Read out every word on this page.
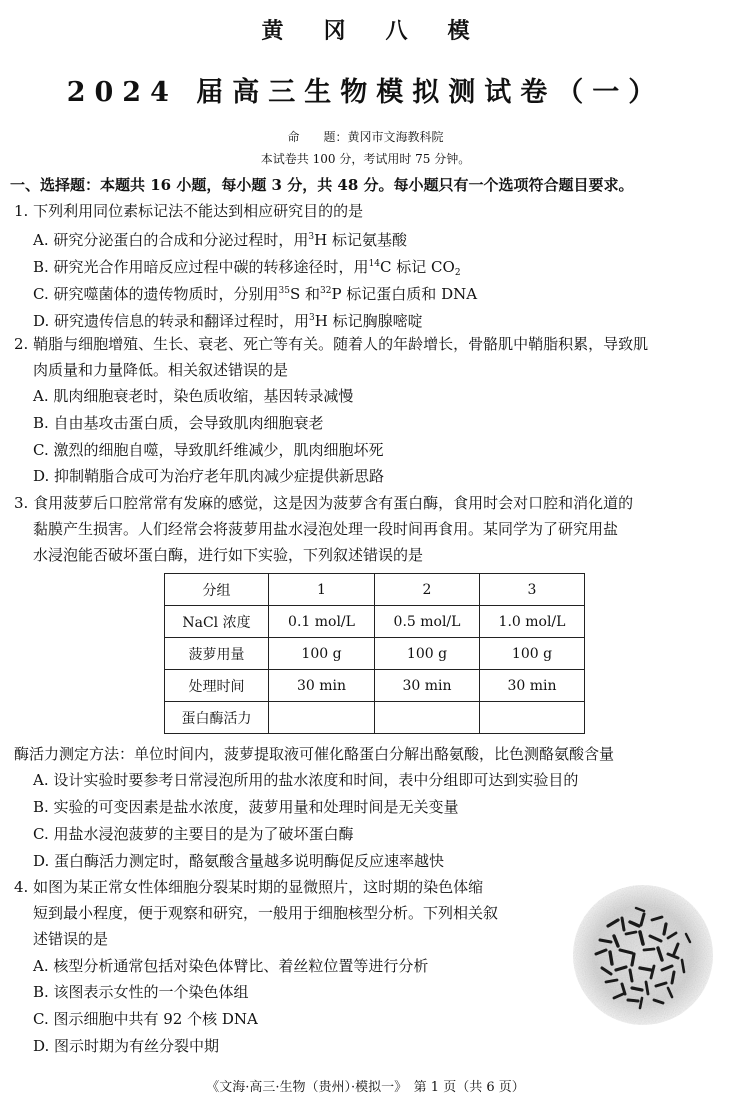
黄冈八模
2024 届高三生物模拟测试卷（一）
命　　题：黄冈市文海教科院
本试卷共 100 分，考试用时 75 分钟。
一、选择题：本题共 16 小题，每小题 3 分，共 48 分。每小题只有一个选项符合题目要求。
1. 下列利用同位素标记法不能达到相应研究目的的是
A. 研究分泌蛋白的合成和分泌过程时，用$^3$H 标记氨基酸
B. 研究光合作用暗反应过程中碳的转移途径时，用$^{14}$C 标记 $CO_2$
C. 研究噬菌体的遗传物质时，分别用$^{35}$S 和$^{32}$P 标记蛋白质和 DNA
D. 研究遗传信息的转录和翻译过程时，用$^3$H 标记胸腺嘧啶
2. 鞘脂与细胞增殖、生长、衰老、死亡等有关。随着人的年龄增长，骨骼肌中鞘脂积累，导致肌
肉质量和力量降低。相关叙述错误的是
A. 肌肉细胞衰老时，染色质收缩，基因转录减慢
B. 自由基攻击蛋白质，会导致肌肉细胞衰老
C. 激烈的细胞自噬，导致肌纤维减少，肌肉细胞坏死
D. 抑制鞘脂合成可为治疗老年肌肉减少症提供新思路
3. 食用菠萝后口腔常常有发麻的感觉，这是因为菠萝含有蛋白酶，食用时会对口腔和消化道的
黏膜产生损害。人们经常会将菠萝用盐水浸泡处理一段时间再食用。某同学为了研究用盐
水浸泡能否破坏蛋白酶，进行如下实验，下列叙述错误的是
分组	1	2	3
NaCl 浓度	0.1 mol/L	0.5 mol/L	1.0 mol/L
菠萝用量	100 g	100 g	100 g
处理时间	30 min	30 min	30 min
蛋白酶活力			
酶活力测定方法：单位时间内，菠萝提取液可催化酪蛋白分解出酪氨酸，比色测酪氨酸含量
A. 设计实验时要参考日常浸泡所用的盐水浓度和时间，表中分组即可达到实验目的
B. 实验的可变因素是盐水浓度，菠萝用量和处理时间是无关变量
C. 用盐水浸泡菠萝的主要目的是为了破坏蛋白酶
D. 蛋白酶活力测定时，酪氨酸含量越多说明酶促反应速率越快
4. 如图为某正常女性体细胞分裂某时期的显微照片，这时期的染色体缩
短到最小程度，便于观察和研究，一般用于细胞核型分析。下列相关叙
述错误的是
A. 核型分析通常包括对染色体臂比、着丝粒位置等进行分析
B. 该图表示女性的一个染色体组
C. 图示细胞中共有 92 个核 DNA
D. 图示时期为有丝分裂中期
《文海·高三·生物（贵州）·模拟一》　第 1 页（共 6 页）
